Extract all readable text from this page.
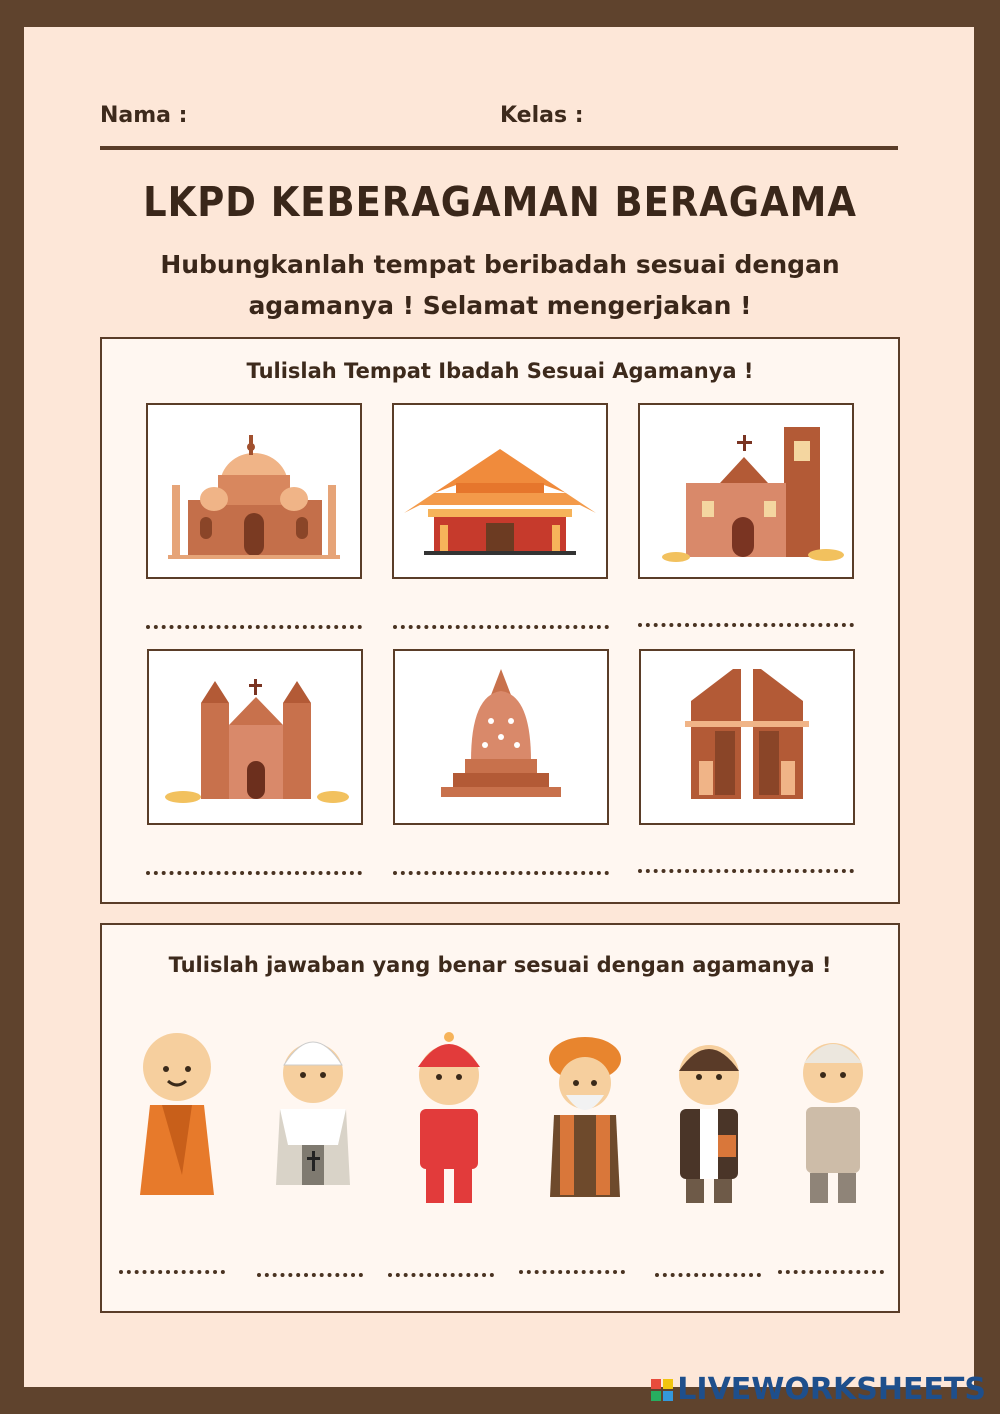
Nama :	Kelas :
LKPD KEBERAGAMAN BERAGAMA
Hubungkanlah tempat beribadah sesuai dengan agamanya ! Selamat mengerjakan !
Tulislah Tempat Ibadah Sesuai Agamanya !
Tulislah jawaban yang benar sesuai dengan agamanya !
LIVEWORKSHEETS
